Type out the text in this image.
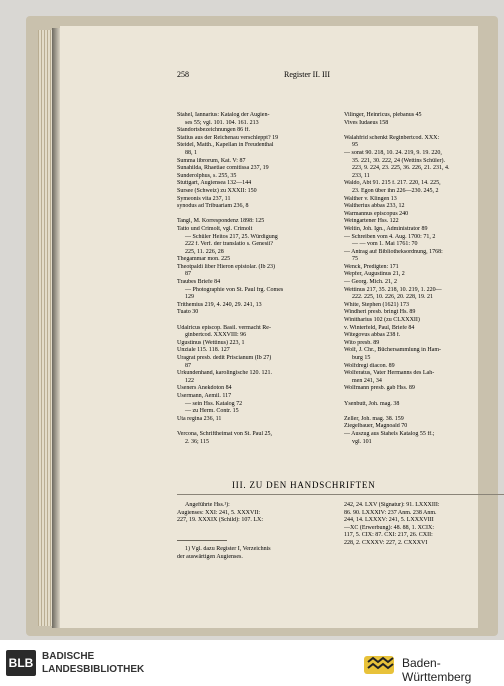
258	Register II. III
Stahel, Iannarius: Katalog der Augien-
ses 55; vgl. 101. 104. 161. 213
Standortsbezeichnungen 86 ff.
Statius aus der Reichenau verschleppt? 19
Steidel, Matth., Kapellan in Freudenthal
88, 1
Summa librorum, Kat. V: 87
Sunahilda, Rhaetiae comitissa 237, 19
Sunderolphus, s. 255, 35
Stuttgart, Augiensea 132—144
Sursee (Schweiz) zu XXXII: 150
Symeonis vita 237, 11
synodus ad Tribuariam 236, 8

Tangl, M. Korrespondenz 1898: 125
Tatto und Crimolt, vgl. Crimolt
— Schüler Heitos 217, 25. Würdigung
222 f. Verf. der translatio s. Genesii?
225, 11. 226, 28
Thegammar mon. 225
Theotpaldi liber Hieron epistolar. (Ib 23)
87
Traubes Briefe 84
— Photographie von St. Paul frg. Comes
129
Trithemius 219, 4. 240, 29. 241, 13
Tuato 30

Udalricus episcop. Basil. vermacht Re-
ginbertcod. XXXVIII: 96
Ugustinus (Wettinus) 223, 1
Unziale 115. 118. 127
Uragrat presb. dedit Priscianum (Ib 27)
87
Urkundenhand, karolingische 120. 121.
122
Useners Anekdoton 84
Usermann, Aemil. 117
— sein Hss. Katalog 72
— zu Herm. Contr. 15
Uta regina 236, 11

Vercona, Schriftheimat von St. Paul 25,
2. 36; 115
Vilinger, Heinricus, plebanus 45
Vives Iudaeus 158

Walahfrid schenkt Reginbertcod. XXX:
95
— sonst 90. 218, 10. 24. 219, 9. 19. 220,
35. 221, 30. 222, 24 (Wettins Schüler).
223, 9. 224, 23. 225, 36. 226, 21. 231, 4.
233, 11
Waldo, Abt 91. 215 f. 217. 220, 14. 225,
23. Egon über ihn 226—230. 245, 2
Walther v. Klingen 13
Waltherius abbas 233, 12
Warmannus episcopus 240
Weingartener Hss. 122
Weltin, Joh. Ign., Administrator 89
— Schreiben vom 4. Aug. 1700: 71, 2
— — vom 1. Mai 1761: 70
— Antrag auf Bibliotheksordnung, 1768:
75
Wenck, Predigten: 171
Wepfer, Augustinus 21, 2
— Georg. Mich. 21, 2
Wettinus 217, 35. 218, 10. 219, 1. 220—
222. 225, 10. 226, 20. 228, 19. 21
White, Stephen (1621) 173
Windheri presb. bringt Hs. 89
Winitharius 102 (zu CLXXXII)
v. Winterfeld, Paul, Briefe 84
Witegovus abbas 238 f.
Wito presb. 89
Wolf, J. Chr., Büchersammlung in Ham-
burg 15
Wolfdregi diacon. 89
Wolferatus, Vater Hermanns des Lah-
men 241, 34
Wolfmann presb. gab Hss. 89

Ysenbutt, Joh. mag. 38

Zeller, Joh. mag. 38. 159
Ziegelbauer, Magnoald 70
— Auszug aus Stahels Katalog 55 ff.;
vgl. 101
III. ZU DEN HANDSCHRIFTEN
Angeführte Hss.¹):
Augienses: XXI: 241, 5. XXXVII:
227, 19. XXXIX (Schild): 107. LX:
242, 24. LXV (Signatur): 91. LXXXIII:
86. 90. LXXXIV: 237 Anm. 238 Anm.
244, 14. LXXXV: 241, 5. LXXXVIII
—XC (Erwerbung): 48. 88, 1. XCIX:
117, 5. CIX: 87. CXI: 217, 26. CXII:
228, 2. CXXXV: 227, 2. CXXXVI
1) Vgl. dazu Register I, Verzeichnis
der auswärtigen Augienses.
BLB BADISCHE
LANDESBIBLIOTHEK	Baden-Württemberg
